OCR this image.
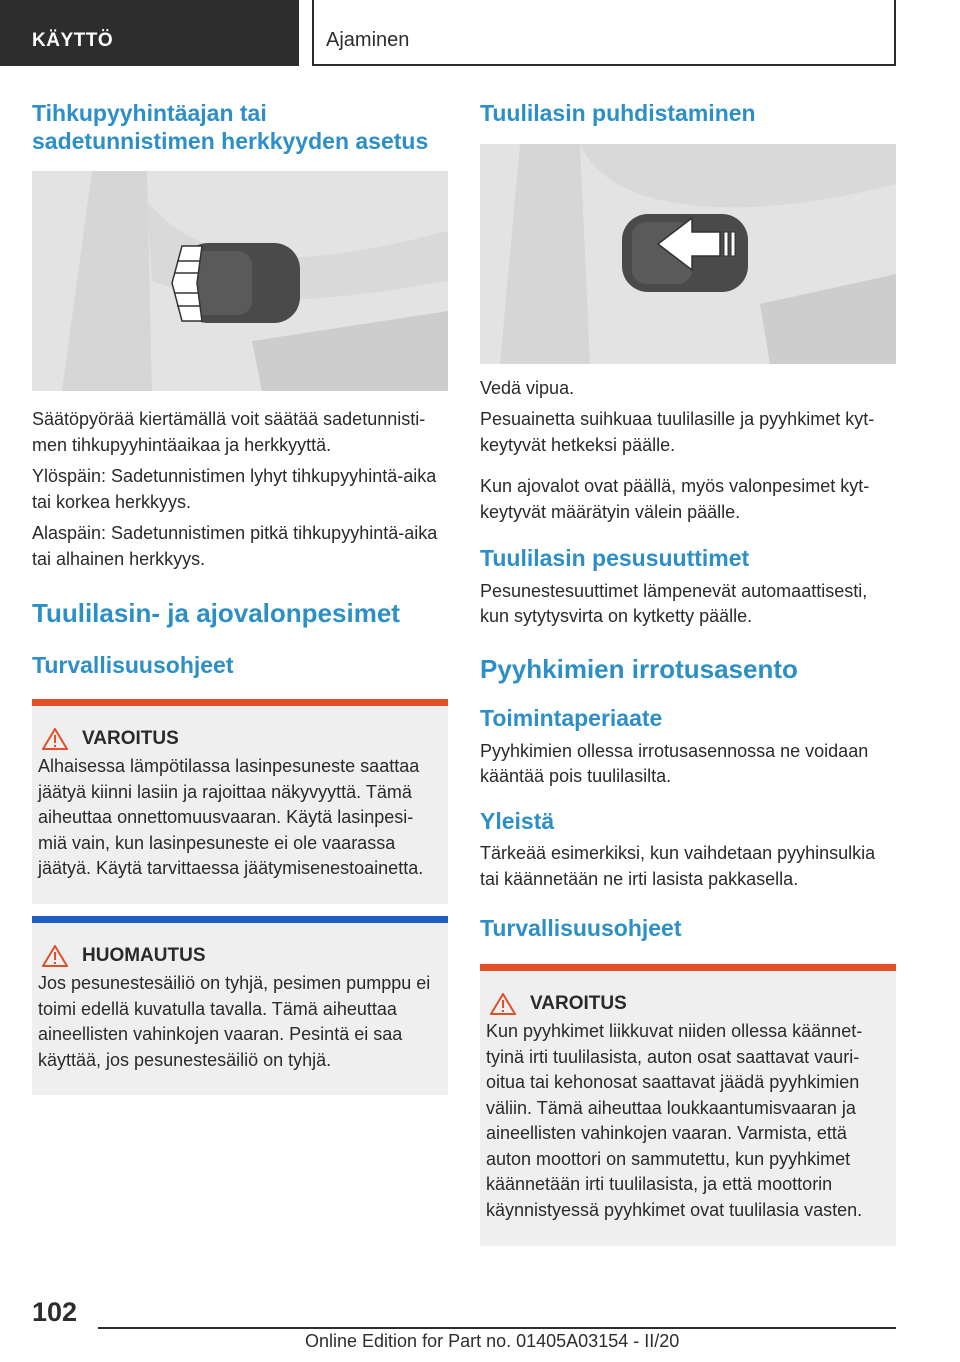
KÄYTTÖ	Ajaminen
Tihkupyyhintäajan tai sadetunnistimen herkkyyden asetus

Säätöpyörää kiertämällä voit säätää sadetunnisti-men tihkupyyhintäaikaa ja herkkyyttä.

Ylöspäin: Sadetunnistimen lyhyt tihkupyyhintä-aika tai korkea herkkyys.

Alaspäin: Sadetunnistimen pitkä tihkupyyhintä-aika tai alhainen herkkyys.

Tuulilasin- ja ajovalonpesimet
Turvallisuusohjeet
VAROITUS

Alhaisessa lämpötilassa lasinpesuneste saattaa jäätyä kiinni lasiin ja rajoittaa näkyvyyttä. Tämä aiheuttaa onnettomuusvaaran. Käytä lasinpesi-miä vain, kun lasinpesuneste ei ole vaarassa jäätyä. Käytä tarvittaessa jäätymisenestoainetta.

HUOMAUTUS

Jos pesunestesäiliö on tyhjä, pesimen pumppu ei toimi edellä kuvatulla tavalla. Tämä aiheuttaa aineellisten vahinkojen vaaran. Pesintä ei saa käyttää, jos pesunestesäiliö on tyhjä.

Tuulilasin puhdistaminen

Vedä vipua.

Pesuainetta suihkuaa tuulilasille ja pyyhkimet kyt-keytyvät hetkeksi päälle.

Kun ajovalot ovat päällä, myös valonpesimet kyt-keytyvät määrätyin välein päälle.

Tuulilasin pesusuuttimet

Pesunestesuuttimet lämpenevät automaattisesti, kun sytytysvirta on kytketty päälle.

Pyyhkimien irrotusasento
Toimintaperiaate

Pyyhkimien ollessa irrotusasennossa ne voidaan kääntää pois tuulilasilta.

Yleistä

Tärkeää esimerkiksi, kun vaihdetaan pyyhinsulkia tai käännetään ne irti lasista pakkasella.

Turvallisuusohjeet
VAROITUS

Kun pyyhkimet liikkuvat niiden ollessa käännet-tyinä irti tuulilasista, auton osat saattavat vauri-oitua tai kehonosat saattavat jäädä pyyhkimien väliin. Tämä aiheuttaa loukkaantumisvaaran ja aineellisten vahinkojen vaaran. Varmista, että auton moottori on sammutettu, kun pyyhkimet käännetään irti tuulilasista, ja että moottorin käynnistyessä pyyhkimet ovat tuulilasia vasten.

102
Online Edition for Part no. 01405A03154 - II/20
